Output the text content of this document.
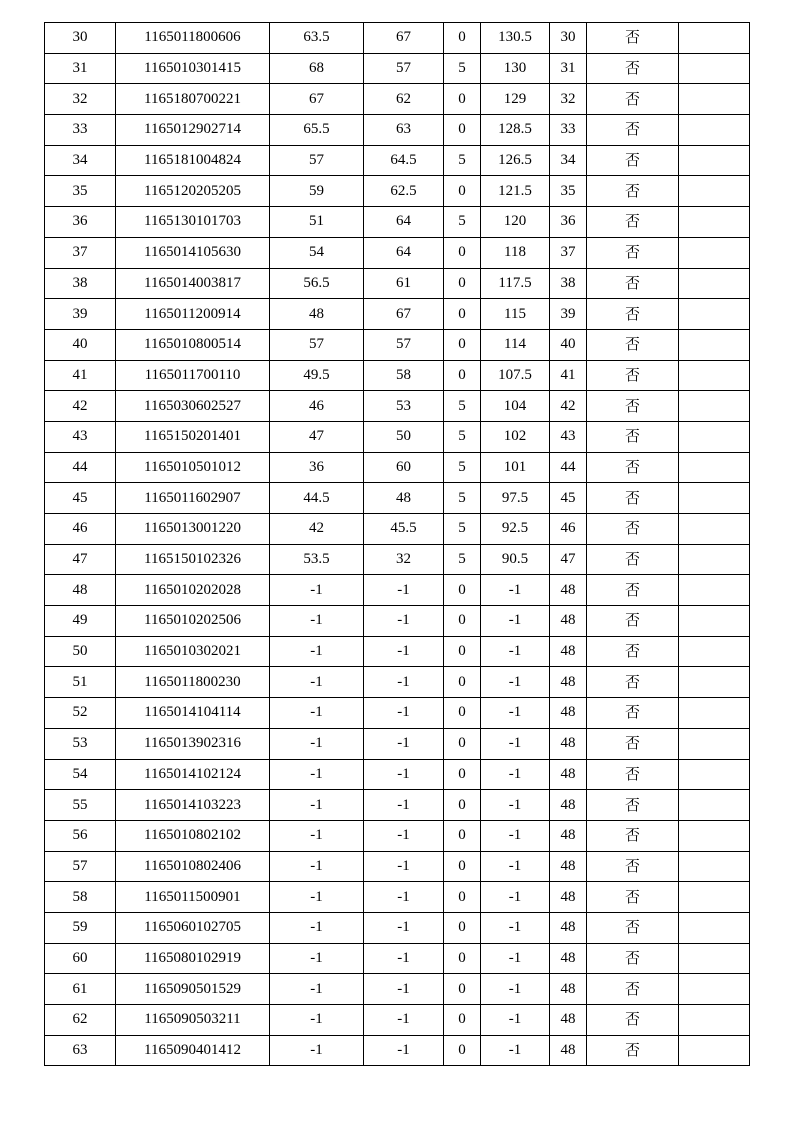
30	1165011800606	63.5	67	0	130.5	30	否	
31	1165010301415	68	57	5	130	31	否	
32	1165180700221	67	62	0	129	32	否	
33	1165012902714	65.5	63	0	128.5	33	否	
34	1165181004824	57	64.5	5	126.5	34	否	
35	1165120205205	59	62.5	0	121.5	35	否	
36	1165130101703	51	64	5	120	36	否	
37	1165014105630	54	64	0	118	37	否	
38	1165014003817	56.5	61	0	117.5	38	否	
39	1165011200914	48	67	0	115	39	否	
40	1165010800514	57	57	0	114	40	否	
41	1165011700110	49.5	58	0	107.5	41	否	
42	1165030602527	46	53	5	104	42	否	
43	1165150201401	47	50	5	102	43	否	
44	1165010501012	36	60	5	101	44	否	
45	1165011602907	44.5	48	5	97.5	45	否	
46	1165013001220	42	45.5	5	92.5	46	否	
47	1165150102326	53.5	32	5	90.5	47	否	
48	1165010202028	-1	-1	0	-1	48	否	
49	1165010202506	-1	-1	0	-1	48	否	
50	1165010302021	-1	-1	0	-1	48	否	
51	1165011800230	-1	-1	0	-1	48	否	
52	1165014104114	-1	-1	0	-1	48	否	
53	1165013902316	-1	-1	0	-1	48	否	
54	1165014102124	-1	-1	0	-1	48	否	
55	1165014103223	-1	-1	0	-1	48	否	
56	1165010802102	-1	-1	0	-1	48	否	
57	1165010802406	-1	-1	0	-1	48	否	
58	1165011500901	-1	-1	0	-1	48	否	
59	1165060102705	-1	-1	0	-1	48	否	
60	1165080102919	-1	-1	0	-1	48	否	
61	1165090501529	-1	-1	0	-1	48	否	
62	1165090503211	-1	-1	0	-1	48	否	
63	1165090401412	-1	-1	0	-1	48	否	
